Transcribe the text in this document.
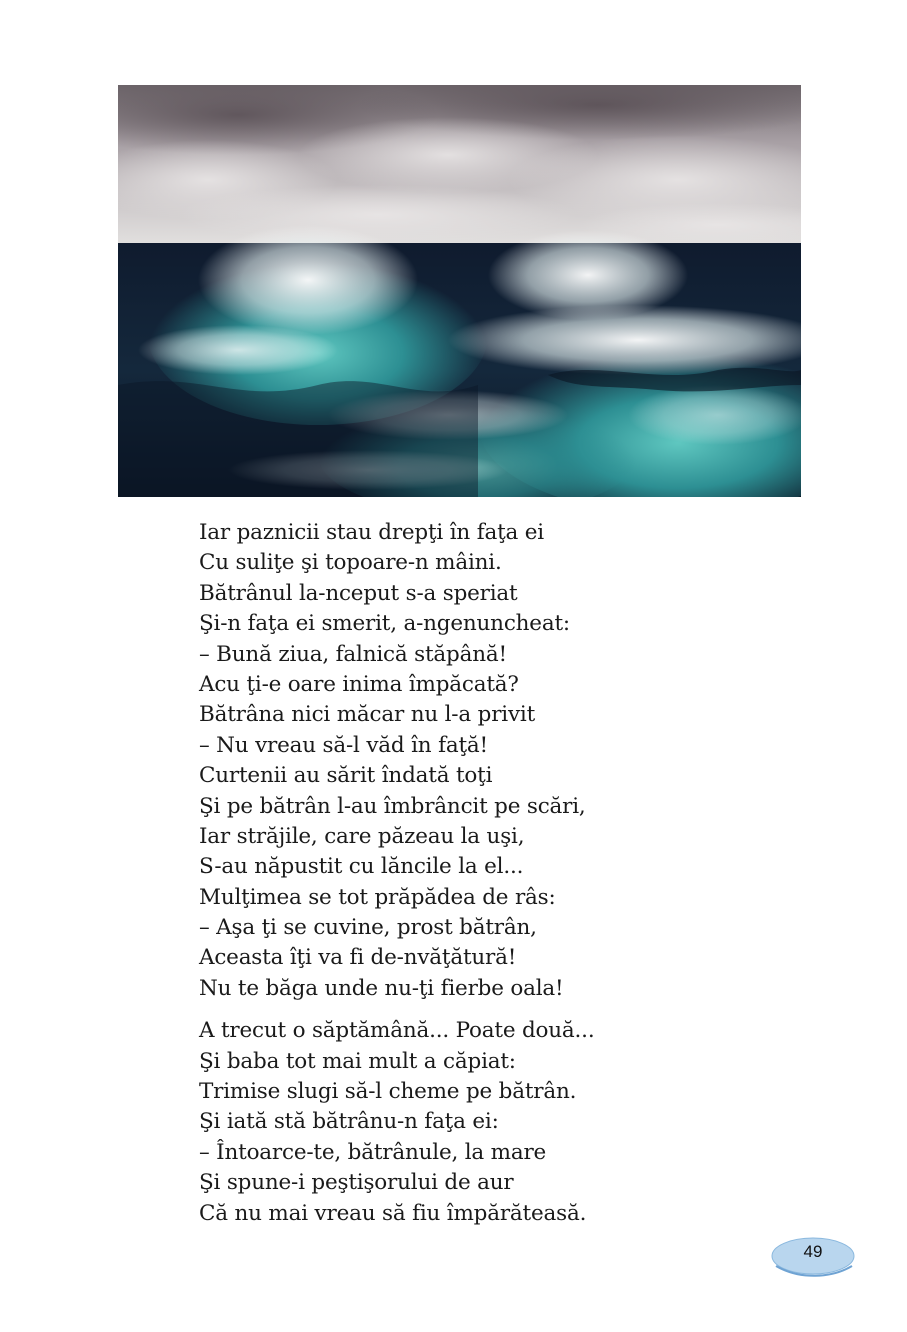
Iar paznicii stau drepţi în faţa ei
Cu suliţe şi topoare-n mâini.
Bătrânul la-nceput s-a speriat
Şi-n faţa ei smerit, a-ngenuncheat:
– Bună ziua, falnică stăpână!
Acu ţi-e oare inima împăcată?
Bătrâna nici măcar nu l-a privit
– Nu vreau să-l văd în faţă!
Curtenii au sărit îndată toţi
Şi pe bătrân l-au îmbrâncit pe scări,
Iar străjile, care păzeau la uşi,
S-au năpustit cu lăncile la el...
Mulţimea se tot prăpădea de râs:
– Aşa ţi se cuvine, prost bătrân,
Aceasta îţi va fi de-nvăţătură!
Nu te băga unde nu-ţi fierbe oala!
A trecut o săptămână... Poate două...
Şi baba tot mai mult a căpiat:
Trimise slugi să-l cheme pe bătrân.
Şi iată stă bătrânu-n faţa ei:
– Întoarce-te, bătrânule, la mare
Şi spune-i peştişorului de aur
Că nu mai vreau să fiu împărăteasă.
49
